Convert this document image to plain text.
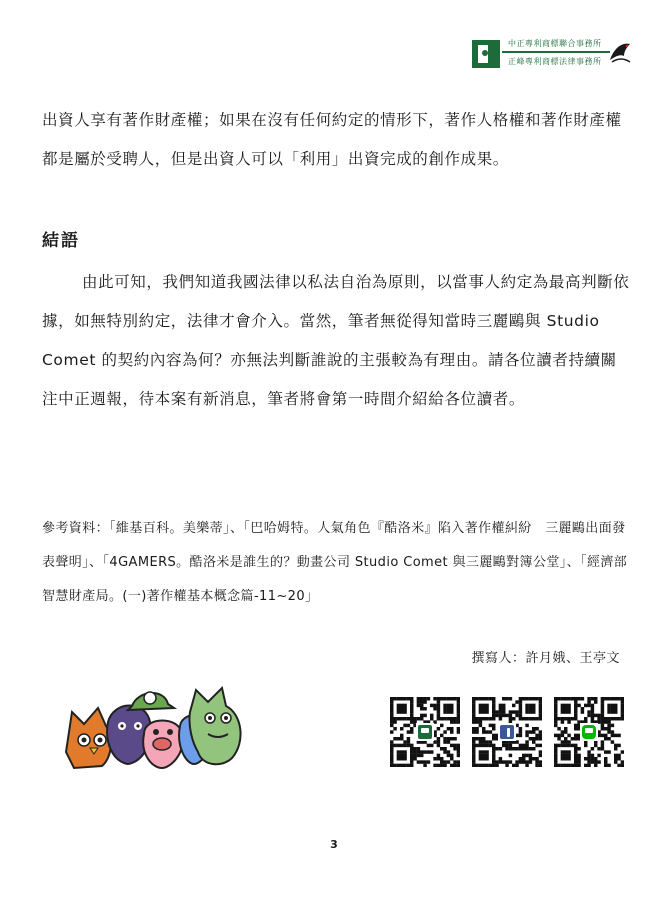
中正專利商標聯合事務所
正峰專利商標法律事務所
出資人享有著作財產權；如果在沒有任何約定的情形下，著作人格權和著作財產權都是屬於受聘人，但是出資人可以「利用」出資完成的創作成果。
結語
由此可知，我們知道我國法律以私法自治為原則，以當事人約定為最高判斷依據，如無特別約定，法律才會介入。當然，筆者無從得知當時三麗鷗與 Studio Comet 的契約內容為何？亦無法判斷誰說的主張較為有理由。請各位讀者持續關注中正週報，待本案有新消息，筆者將會第一時間介紹給各位讀者。
參考資料：「維基百科。美樂蒂」、「巴哈姆特。人氣角色『酷洛米』陷入著作權糾紛　三麗鷗出面發表聲明」、「4GAMERS。酷洛米是誰生的？動畫公司 Studio Comet 與三麗鷗對簿公堂」、「經濟部智慧財產局。(一)著作權基本概念篇-11~20」
撰寫人：許月娥、王亭文
3
